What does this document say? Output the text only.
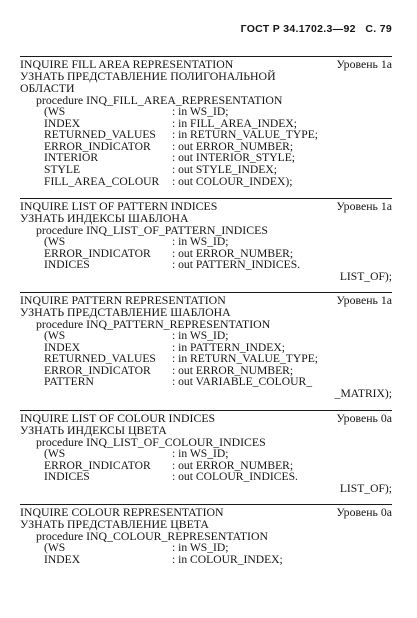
ГОСТ Р 34.1702.3—92   С. 79
INQUIRE FILL AREA REPRESENTATION	Уровень 1а
УЗНАТЬ ПРЕДСТАВЛЕНИЕ ПОЛИГОНАЛЬНОЙ
ОБЛАСТИ
procedure INQ_FILL_AREA_REPRESENTATION
(WS	: in WS_ID;
INDEX	: in FILL_AREA_INDEX;
RETURNED_VALUES : in RETURN_VALUE_TYPE;
ERROR_INDICATOR : out ERROR_NUMBER;
INTERIOR	: out INTERIOR_STYLE;
STYLE	: out STYLE_INDEX;
FILL_AREA_COLOUR : out COLOUR_INDEX);
INQUIRE LIST OF PATTERN INDICES	Уровень 1а
УЗНАТЬ ИНДЕКСЫ ШАБЛОНА
procedure INQ_LIST_OF_PATTERN_INDICES
(WS	: in WS_ID;
ERROR_INDICATOR : out ERROR_NUMBER;
INDICES	: out PATTERN_INDICES.
LIST_OF);
INQUIRE PATTERN REPRESENTATION	Уровень 1а
УЗНАТЬ ПРЕДСТАВЛЕНИЕ ШАБЛОНА
procedure INQ_PATTERN_REPRESENTATION
(WS	: in WS_ID;
INDEX	: in PATTERN_INDEX;
RETURNED_VALUES : in RETURN_VALUE_TYPE;
ERROR_INDICATOR : out ERROR_NUMBER;
PATTERN	: out VARIABLE_COLOUR_
_MATRIX);
INQUIRE LIST OF COLOUR INDICES	Уровень 0а
УЗНАТЬ ИНДЕКСЫ ЦВЕТА
procedure INQ_LIST_OF_COLOUR_INDICES
(WS	: in WS_ID;
ERROR_INDICATOR : out ERROR_NUMBER;
INDICES	: out COLOUR_INDICES.
LIST_OF);
INQUIRE COLOUR REPRESENTATION	Уровень 0а
УЗНАТЬ ПРЕДСТАВЛЕНИЕ ЦВЕТА
procedure INQ_COLOUR_REPRESENTATION
(WS	: in WS_ID;
INDEX	: in COLOUR_INDEX;
